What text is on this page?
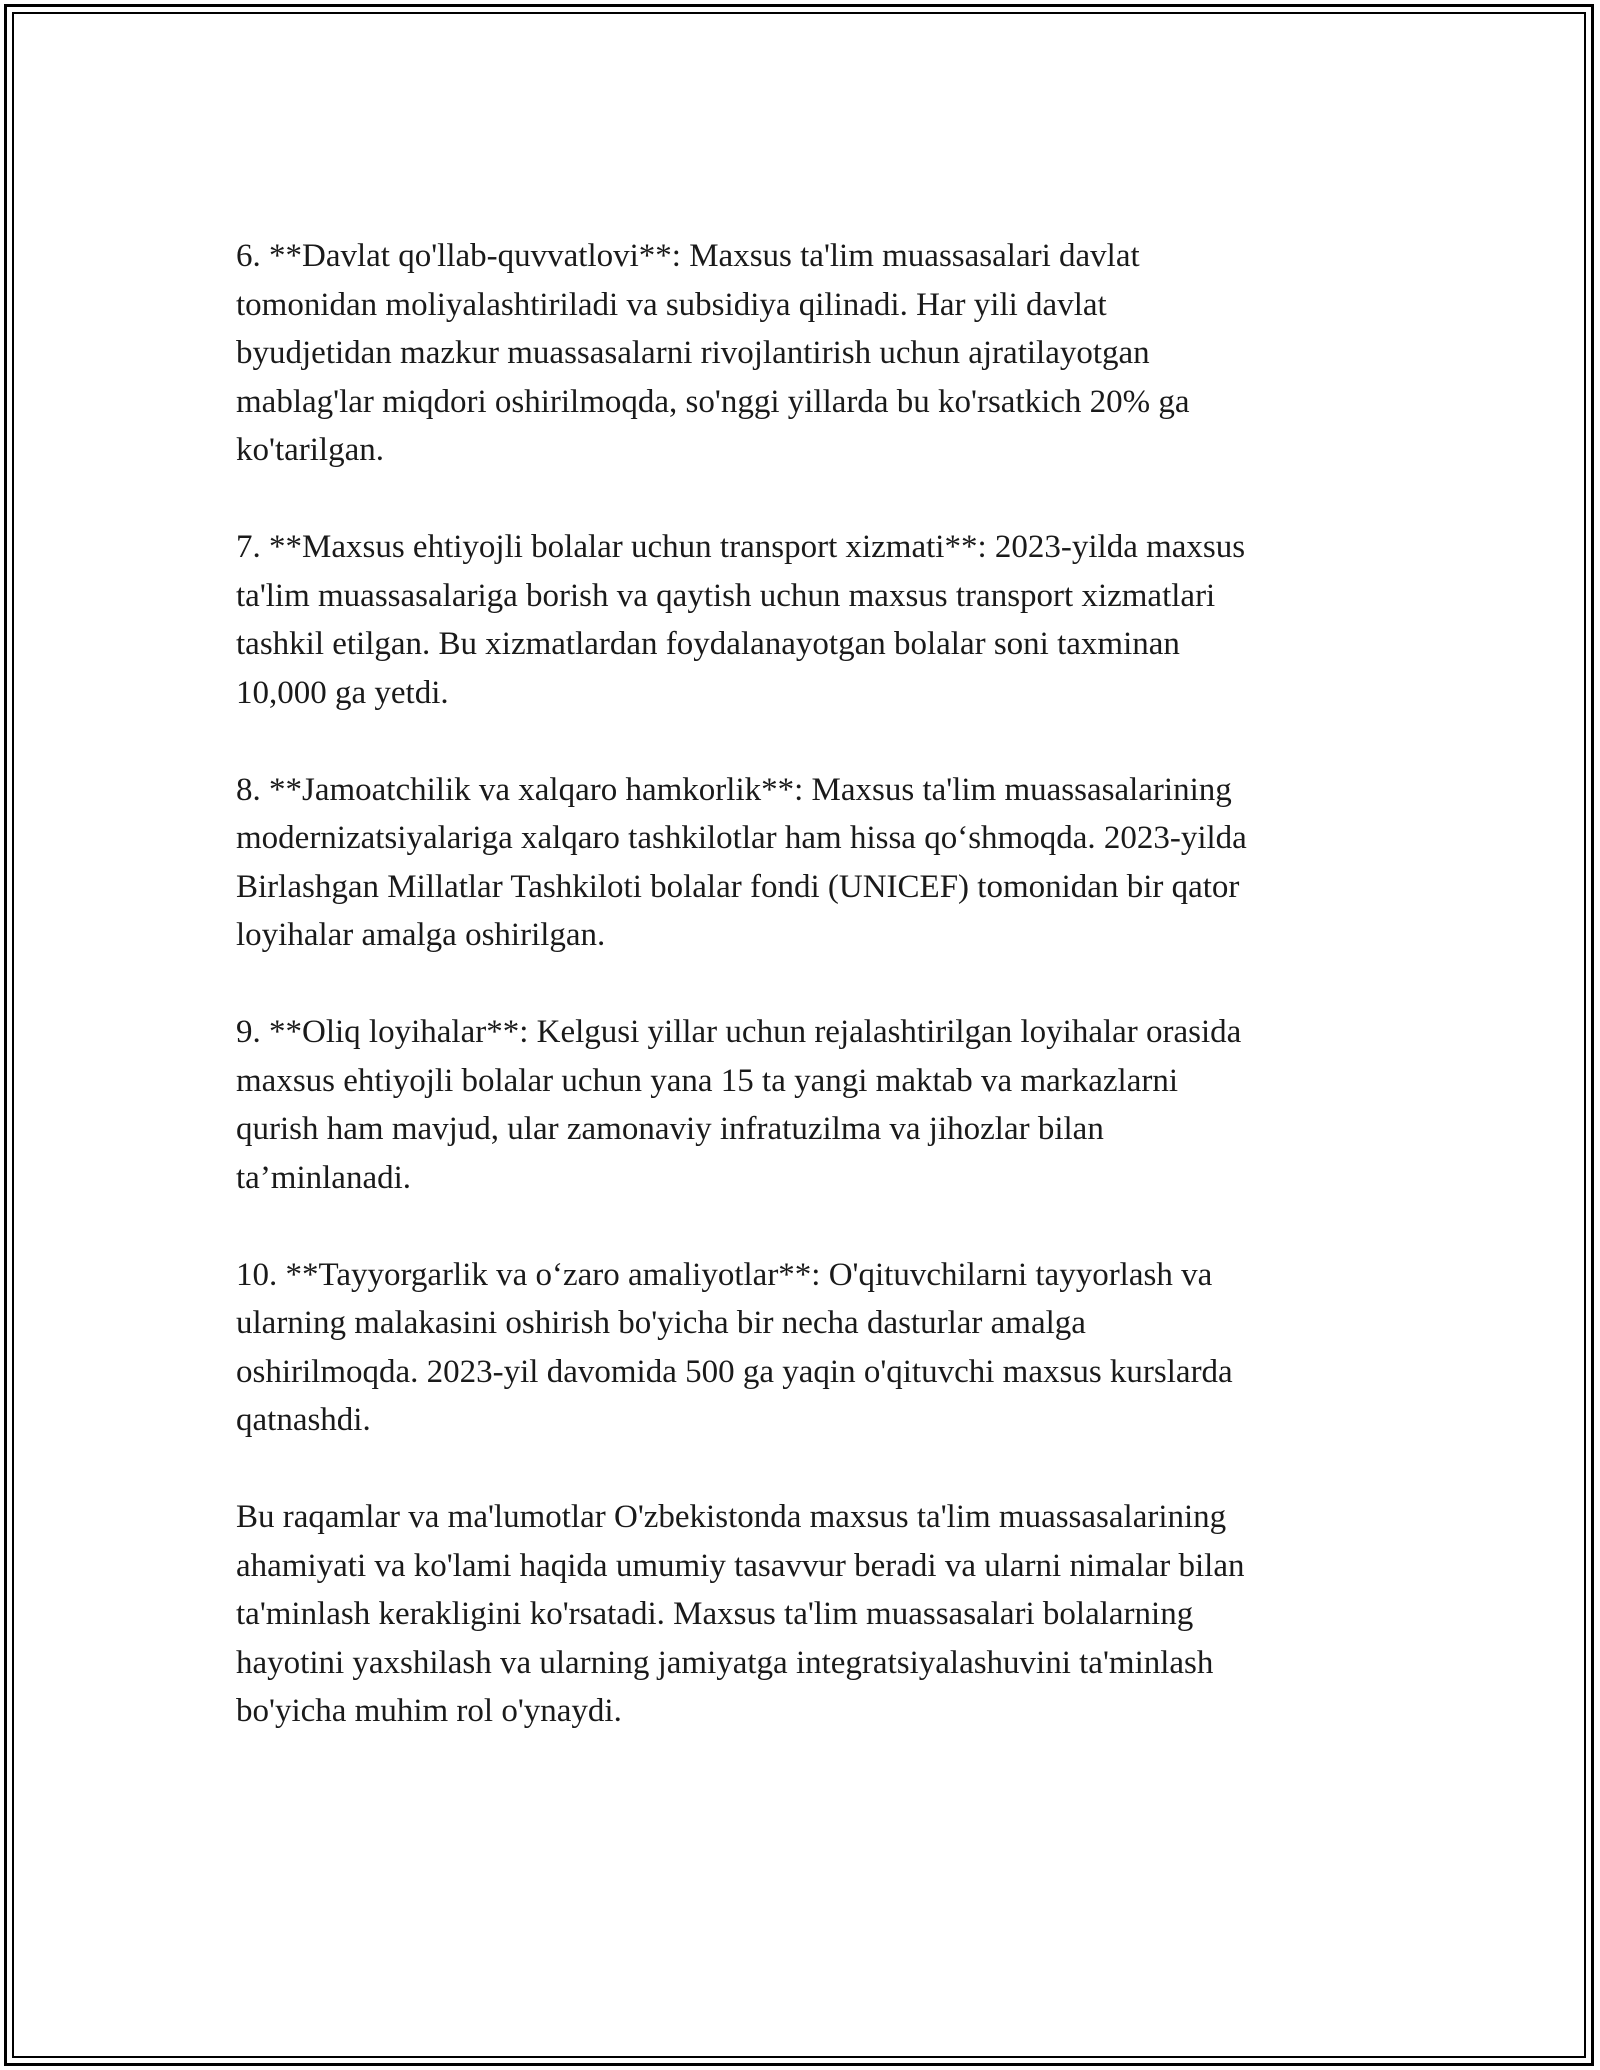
6. **Davlat qo'llab-quvvatlovi**: Maxsus ta'lim muassasalari davlat
tomonidan moliyalashtiriladi va subsidiya qilinadi. Har yili davlat
byudjetidan mazkur muassasalarni rivojlantirish uchun ajratilayotgan
mablag'lar miqdori oshirilmoqda, so'nggi yillarda bu ko'rsatkich 20% ga
ko'tarilgan.

7. **Maxsus ehtiyojli bolalar uchun transport xizmati**: 2023-yilda maxsus
ta'lim muassasalariga borish va qaytish uchun maxsus transport xizmatlari
tashkil etilgan. Bu xizmatlardan foydalanayotgan bolalar soni taxminan
10,000 ga yetdi.

8. **Jamoatchilik va xalqaro hamkorlik**: Maxsus ta'lim muassasalarining
modernizatsiyalariga xalqaro tashkilotlar ham hissa qo‘shmoqda. 2023-yilda
Birlashgan Millatlar Tashkiloti bolalar fondi (UNICEF) tomonidan bir qator
loyihalar amalga oshirilgan.

9. **Oliq loyihalar**: Kelgusi yillar uchun rejalashtirilgan loyihalar orasida
maxsus ehtiyojli bolalar uchun yana 15 ta yangi maktab va markazlarni
qurish ham mavjud, ular zamonaviy infratuzilma va jihozlar bilan
ta’minlanadi.

10. **Tayyorgarlik va o‘zaro amaliyotlar**: O'qituvchilarni tayyorlash va
ularning malakasini oshirish bo'yicha bir necha dasturlar amalga
oshirilmoqda. 2023-yil davomida 500 ga yaqin o'qituvchi maxsus kurslarda
qatnashdi.

Bu raqamlar va ma'lumotlar O'zbekistonda maxsus ta'lim muassasalarining
ahamiyati va ko'lami haqida umumiy tasavvur beradi va ularni nimalar bilan
ta'minlash kerakligini ko'rsatadi. Maxsus ta'lim muassasalari bolalarning
hayotini yaxshilash va ularning jamiyatga integratsiyalashuvini ta'minlash
bo'yicha muhim rol o'ynaydi.
